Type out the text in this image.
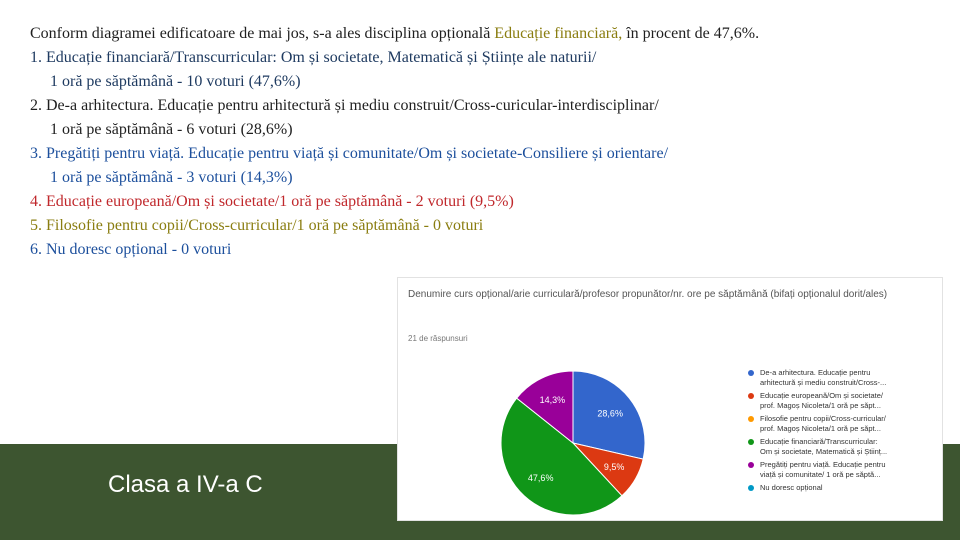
Conform diagramei edificatoare de mai jos, s-a ales disciplina opțională Educație financiară, în procent de 47,6%.

1. Educație financiară/Transcurricular: Om și societate, Matematică și Științe ale naturii/
1 oră pe săptămână - 10 voturi (47,6%)
2. De-a arhitectura. Educație pentru arhitectură și mediu construit/Cross-curicular-interdisciplinar/
1 oră pe săptămână - 6 voturi (28,6%)
3. Pregătiți pentru viață. Educație pentru viață și comunitate/Om și societate-Consiliere și orientare/
1 oră pe săptămână - 3 voturi (14,3%)
4. Educație europeană/Om și societate/1 oră pe săptămână - 2 voturi (9,5%)
5. Filosofie pentru copii/Cross-curricular/1 oră pe săptămână - 0 voturi
6. Nu doresc opțional - 0 voturi
Clasa a IV-a C
Denumire curs opțional/arie curriculară/profesor propunător/nr. ore pe săptămână (bifați opționalul dorit/ales)
21 de răspunsuri
28,6%
9,5%
47,6%
14,3%
De-a arhitectura. Educație pentru
arhitectură și mediu construit/Cross-...
Educație europeană/Om și societate/
prof. Magoș Nicoleta/1 oră pe săpt...
Filosofie pentru copii/Cross-curricular/
prof. Magoș Nicoleta/1 oră pe săpt...
Educație financiară/Transcurricular:
Om și societate, Matematică și Științ...
Pregătiți pentru viață. Educație pentru
viață și comunitate/ 1 oră pe săptă...
Nu doresc opțional
